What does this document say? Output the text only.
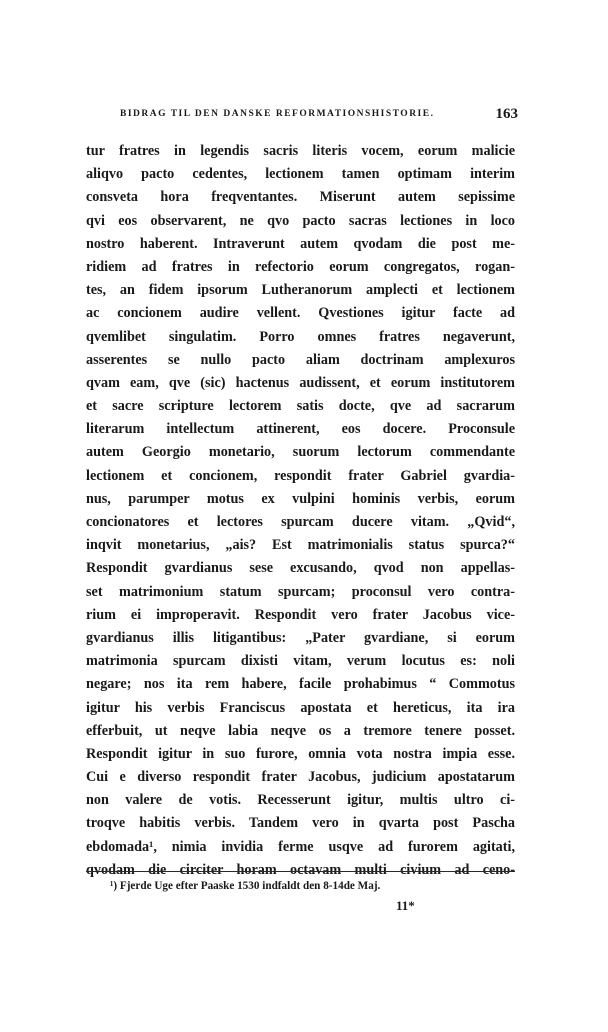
BIDRAG TIL DEN DANSKE REFORMATIONSHISTORIE.	163
tur fratres in legendis sacris literis vocem, eorum malicie
aliqvo pacto cedentes, lectionem tamen optimam interim
consveta hora freqventantes. Miserunt autem sepissime
qvi eos observarent, ne qvo pacto sacras lectiones in loco
nostro haberent. Intraverunt autem qvodam die post me-
ridiem ad fratres in refectorio eorum congregatos, rogan-
tes, an fidem ipsorum Lutheranorum amplecti et lectionem
ac concionem audire vellent. Qvestiones igitur facte ad
qvemlibet singulatim. Porro omnes fratres negaverunt,
asserentes se nullo pacto aliam doctrinam amplexuros
qvam eam, qve (sic) hactenus audissent, et eorum institutorem
et sacre scripture lectorem satis docte, qve ad sacrarum
literarum intellectum attinerent, eos docere. Proconsule
autem Georgio monetario, suorum lectorum commendante
lectionem et concionem, respondit frater Gabriel gvardia-
nus, parumper motus ex vulpini hominis verbis, eorum
concionatores et lectores spurcam ducere vitam. „Qvid“,
inqvit monetarius, „ais? Est matrimonialis status spurca?“
Respondit gvardianus sese excusando, qvod non appellas-
set matrimonium statum spurcam; proconsul vero contra-
rium ei improperavit. Respondit vero frater Jacobus vice-
gvardianus illis litigantibus: „Pater gvardiane, si eorum
matrimonia spurcam dixisti vitam, verum locutus es: noli
negare; nos ita rem habere, facile prohabimus “ Commotus
igitur his verbis Franciscus apostata et hereticus, ita ira
efferbuit, ut neqve labia neqve os a tremore tenere posset.
Respondit igitur in suo furore, omnia vota nostra impia esse.
Cui e diverso respondit frater Jacobus, judicium apostatarum
non valere de votis. Recesserunt igitur, multis ultro ci-
troqve habitis verbis. Tandem vero in qvarta post Pascha
ebdomada¹, nimia invidia ferme usqve ad furorem agitati,
qvodam die circiter horam octavam multi civium ad ceno-
¹) Fjerde Uge efter Paaske 1530 indfaldt den 8-14de Maj.
11*
